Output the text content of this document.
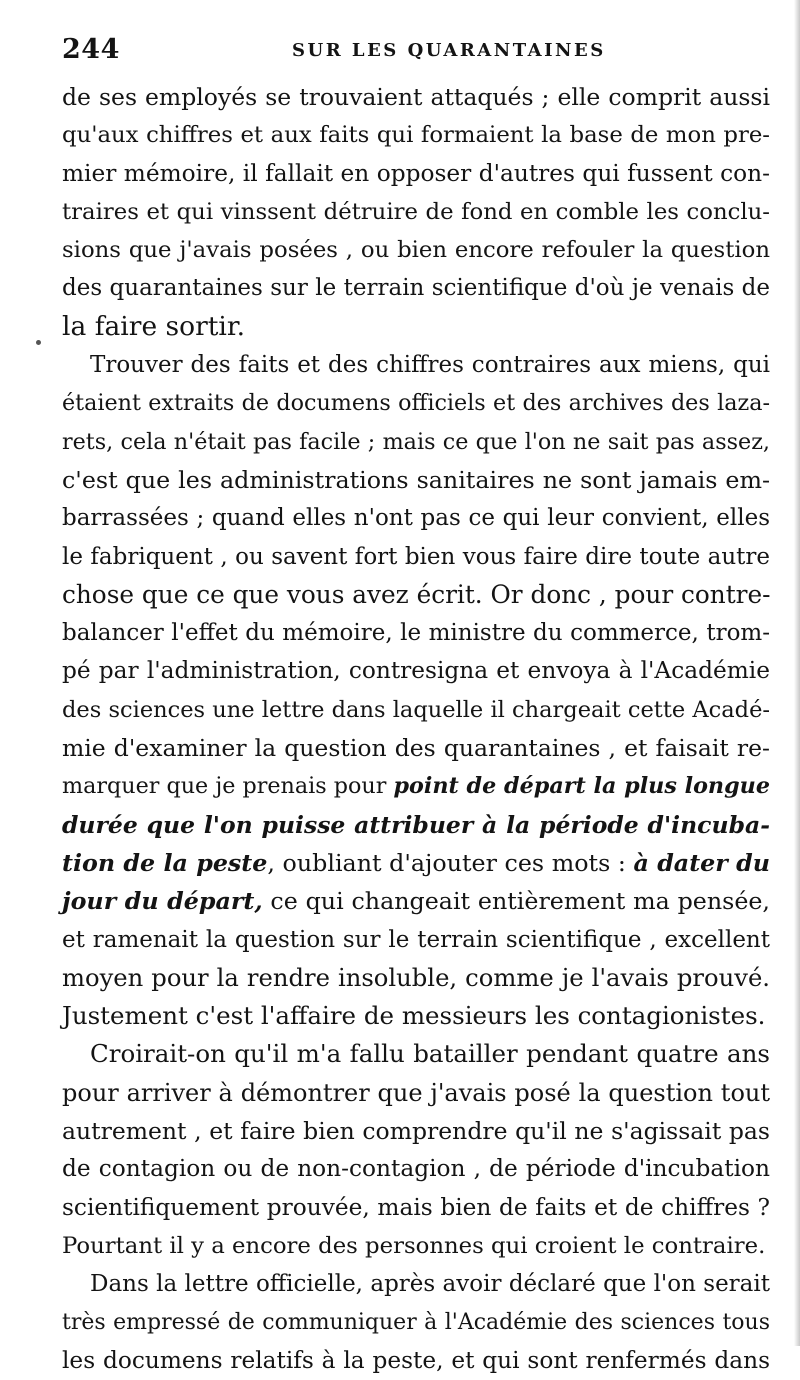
244	SUR LES QUARANTAINES
de ses employés se trouvaient attaqués ; elle comprit aussi
qu'aux chiffres et aux faits qui formaient la base de mon pre-
mier mémoire, il fallait en opposer d'autres qui fussent con-
traires et qui vinssent détruire de fond en comble les conclu-
sions que j'avais posées , ou bien encore refouler la question
des quarantaines sur le terrain scientifique d'où je venais de
la faire sortir.
Trouver des faits et des chiffres contraires aux miens, qui
étaient extraits de documens officiels et des archives des laza-
rets, cela n'était pas facile ; mais ce que l'on ne sait pas assez,
c'est que les administrations sanitaires ne sont jamais em-
barrassées ; quand elles n'ont pas ce qui leur convient, elles
le fabriquent , ou savent fort bien vous faire dire toute autre
chose que ce que vous avez écrit. Or donc , pour contre-
balancer l'effet du mémoire, le ministre du commerce, trom-
pé par l'administration, contresigna et envoya à l'Académie
des sciences une lettre dans laquelle il chargeait cette Acadé-
mie d'examiner la question des quarantaines , et faisait re-
marquer que je prenais pour point de départ la plus longue
durée que l'on puisse attribuer à la période d'incuba-
tion de la peste, oubliant d'ajouter ces mots : à dater du
jour du départ, ce qui changeait entièrement ma pensée,
et ramenait la question sur le terrain scientifique , excellent
moyen pour la rendre insoluble, comme je l'avais prouvé.
Justement c'est l'affaire de messieurs les contagionistes.
Croirait-on qu'il m'a fallu batailler pendant quatre ans
pour arriver à démontrer que j'avais posé la question tout
autrement , et faire bien comprendre qu'il ne s'agissait pas
de contagion ou de non-contagion , de période d'incubation
scientifiquement prouvée, mais bien de faits et de chiffres ?
Pourtant il y a encore des personnes qui croient le contraire.
Dans la lettre officielle, après avoir déclaré que l'on serait
très empressé de communiquer à l'Académie des sciences tous
les documens relatifs à la peste, et qui sont renfermés dans
